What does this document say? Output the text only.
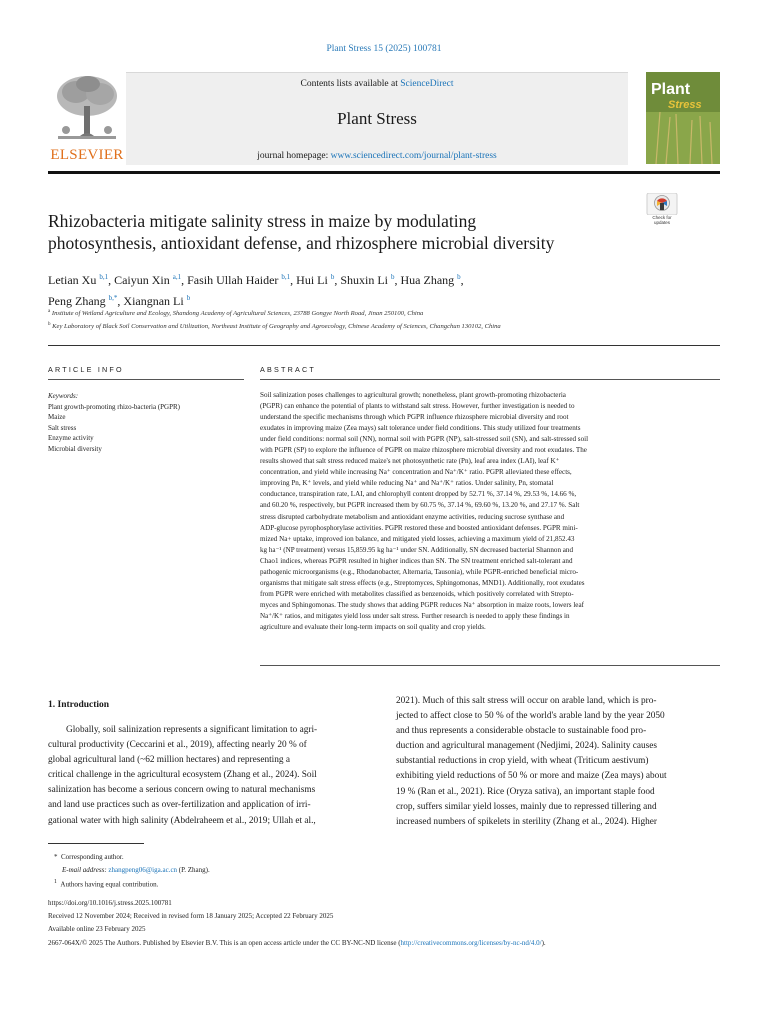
Plant Stress 15 (2025) 100781
ELSEVIER
Contents lists available at ScienceDirect
Plant Stress
journal homepage: www.sciencedirect.com/journal/plant-stress
Plant
Stress
Check for
updates
Rhizobacteria mitigate salinity stress in maize by modulating
photosynthesis, antioxidant defense, and rhizosphere microbial diversity
Letian Xu $^{b,1}$, Caiyun Xin $^{a,1}$, Fasih Ullah Haider $^{b,1}$, Hui Li $^b$, Shuxin Li $^b$, Hua Zhang $^b$,
Peng Zhang $^{b,*}$, Xiangnan Li $^b$
$^a$ Institute of Wetland Agriculture and Ecology, Shandong Academy of Agricultural Sciences, 23788 Gongye North Road, Jinan 250100, China
$^b$ Key Laboratory of Black Soil Conservation and Utilization, Northeast Institute of Geography and Agroecology, Chinese Academy of Sciences, Changchun 130102, China
ARTICLE INFO
Keywords:
Plant growth-promoting rhizo-bacteria (PGPR)
Maize
Salt stress
Enzyme activity
Microbial diversity
ABSTRACT
Soil salinization poses challenges to agricultural growth; nonetheless, plant growth-promoting rhizobacteria
(PGPR) can enhance the potential of plants to withstand salt stress. However, further investigation is needed to
understand the specific mechanisms through which PGPR influence rhizosphere microbial diversity and root
exudates in improving maize (Zea mays) salt tolerance under field conditions. This study utilized four treatments
under field conditions: normal soil (NN), normal soil with PGPR (NP), salt-stressed soil (SN), and salt-stressed soil
with PGPR (SP) to explore the influence of PGPR on maize rhizosphere microbial diversity and root exudates. The
results showed that salt stress reduced maize's net photosynthetic rate (Pn), leaf area index (LAI), leaf K⁺
concentration, and yield while increasing Na⁺ concentration and Na⁺/K⁺ ratio. PGPR alleviated these effects,
improving Pn, K⁺ levels, and yield while reducing Na⁺ and Na⁺/K⁺ ratios. Under salinity, Pn, stomatal
conductance, transpiration rate, LAI, and chlorophyll content dropped by 52.71 %, 37.14 %, 29.53 %, 14.66 %,
and 60.20 %, respectively, but PGPR increased them by 60.75 %, 37.14 %, 69.60 %, 13.20 %, and 27.17 %. Salt
stress disrupted carbohydrate metabolism and antioxidant enzyme activities, reducing sucrose synthase and
ADP-glucose pyrophosphorylase activities. PGPR restored these and boosted antioxidant defenses. PGPR mini-
mized Na+ uptake, improved ion balance, and mitigated yield losses, achieving a maximum yield of 21,852.43
kg ha⁻¹ (NP treatment) versus 15,859.95 kg ha⁻¹ under SN. Additionally, SN decreased bacterial Shannon and
Chao1 indices, whereas PGPR resulted in higher indices than SN. The SN treatment enriched salt-tolerant and
pathogenic microorganisms (e.g., Rhodanobacter, Alternaria, Tausonia), while PGPR-enriched beneficial micro-
organisms that mitigate salt stress effects (e.g., Streptomyces, Sphingomonas, MND1). Additionally, root exudates
from PGPR were enriched with metabolites classified as benzenoids, which positively correlated with Strepto-
myces and Sphingomonas. The study shows that adding PGPR reduces Na⁺ absorption in maize roots, lowers leaf
Na⁺/K⁺ ratios, and mitigates yield loss under salt stress. Further research is needed to apply these findings in
agriculture and evaluate their long-term impacts on soil quality and crop yields.
1. Introduction
Globally, soil salinization represents a significant limitation to agri-
cultural productivity (Ceccarini et al., 2019), affecting nearly 20 % of
global agricultural land (~62 million hectares) and representing a
critical challenge in the agricultural ecosystem (Zhang et al., 2024). Soil
salinization has become a serious concern owing to natural mechanisms
and land use practices such as over-fertilization and application of irri-
gational water with high salinity (Abdelraheem et al., 2019; Ullah et al.,
2021). Much of this salt stress will occur on arable land, which is pro-
jected to affect close to 50 % of the world's arable land by the year 2050
and thus represents a considerable obstacle to sustainable food pro-
duction and agricultural management (Nedjimi, 2024). Salinity causes
substantial reductions in crop yield, with wheat (Triticum aestivum)
exhibiting yield reductions of 50 % or more and maize (Zea mays) about
19 % (Ran et al., 2021). Rice (Oryza sativa), an important staple food
crop, suffers similar yield losses, mainly due to repressed tillering and
increased numbers of spikelets in sterility (Zhang et al., 2024). Higher
*  Corresponding author.
E-mail address: zhangpeng06@iga.ac.cn (P. Zhang).
$^1$ Authors having equal contribution.
https://doi.org/10.1016/j.stress.2025.100781
Received 12 November 2024; Received in revised form 18 January 2025; Accepted 22 February 2025
Available online 23 February 2025
2667-064X/© 2025 The Authors. Published by Elsevier B.V. This is an open access article under the CC BY-NC-ND license (http://creativecommons.org/licenses/by-nc-nd/4.0/).
